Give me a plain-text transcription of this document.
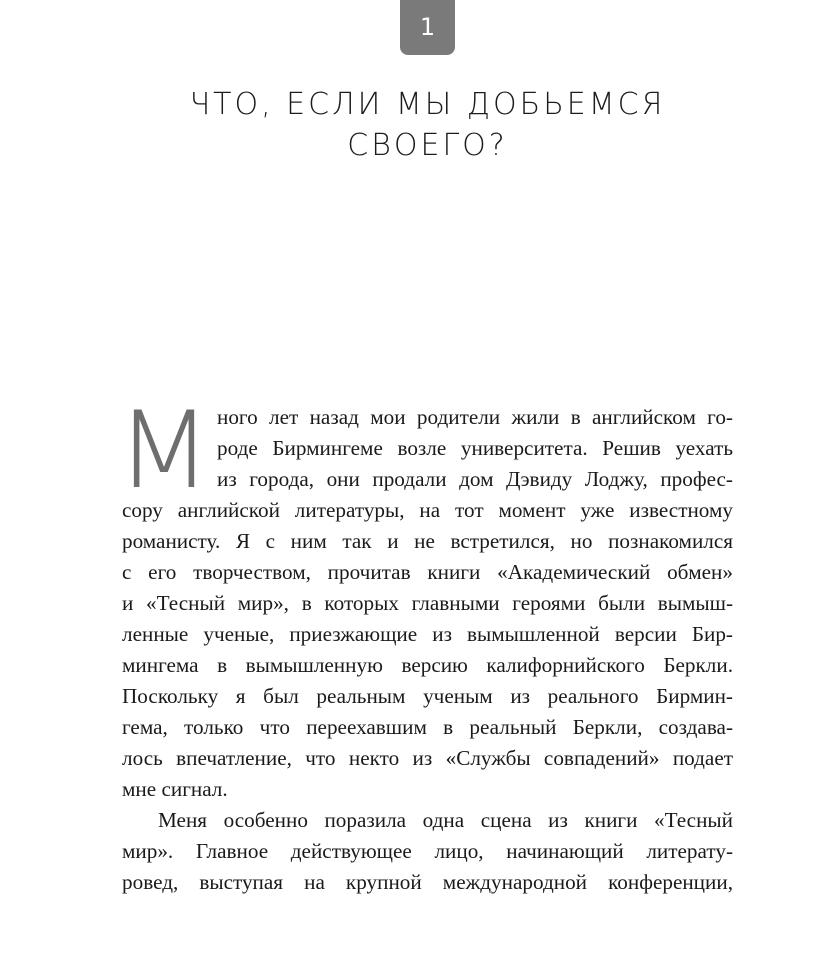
1
ЧТО, ЕСЛИ МЫ ДОБЬЕМСЯ
СВОЕГО?
М ного лет назад мои родители жили в английском го-
роде Бирмингеме возле университета. Решив уехать
из города, они продали дом Дэвиду Лоджу, профес-
сору английской литературы, на тот момент уже известному
романисту. Я с ним так и не встретился, но познакомился
с его творчеством, прочитав книги «Академический обмен»
и «Тесный мир», в которых главными героями были вымыш-
ленные ученые, приезжающие из вымышленной версии Бир-
мингема в вымышленную версию калифорнийского Беркли.
Поскольку я был реальным ученым из реального Бирмин-
гема, только что переехавшим в реальный Беркли, создава-
лось впечатление, что некто из «Службы совпадений» подает
мне сигнал.
Меня особенно поразила одна сцена из книги «Тесный
мир». Главное действующее лицо, начинающий литерату-
ровед, выступая на крупной международной конференции,
